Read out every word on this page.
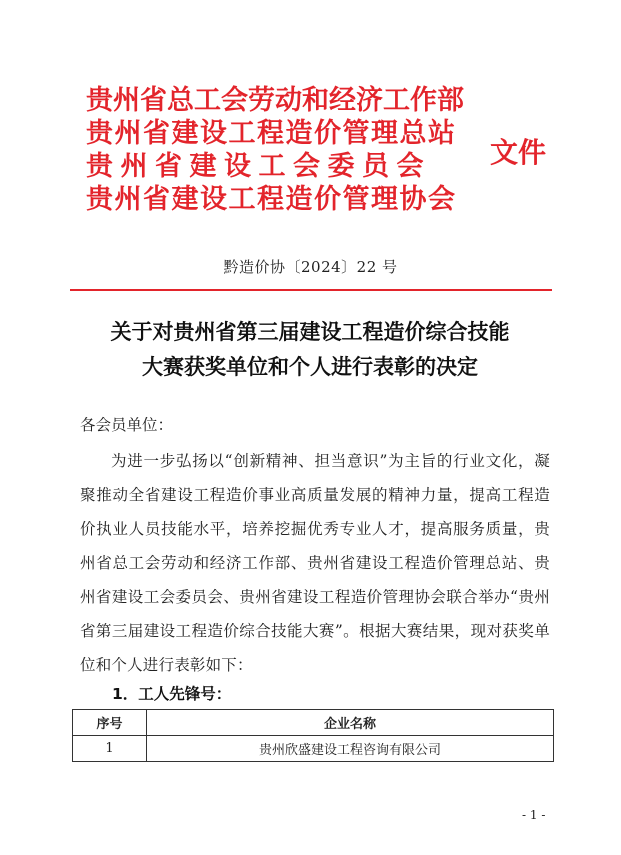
贵州省总工会劳动和经济工作部
贵州省建设工程造价管理总站
贵州省建设工会委员会
贵州省建设工程造价管理协会
文件
黔造价协〔2024〕22 号
关于对贵州省第三届建设工程造价综合技能
大赛获奖单位和个人进行表彰的决定
各会员单位：
为进一步弘扬以“创新精神、担当意识”为主旨的行业文化，凝聚推动全省建设工程造价事业高质量发展的精神力量，提高工程造价执业人员技能水平，培养挖掘优秀专业人才，提高服务质量，贵州省总工会劳动和经济工作部、贵州省建设工程造价管理总站、贵州省建设工会委员会、贵州省建设工程造价管理协会联合举办“贵州省第三届建设工程造价综合技能大赛”。根据大赛结果，现对获奖单位和个人进行表彰如下：
1．工人先锋号：
序号	企业名称
1	贵州欣盛建设工程咨询有限公司
- 1 -
